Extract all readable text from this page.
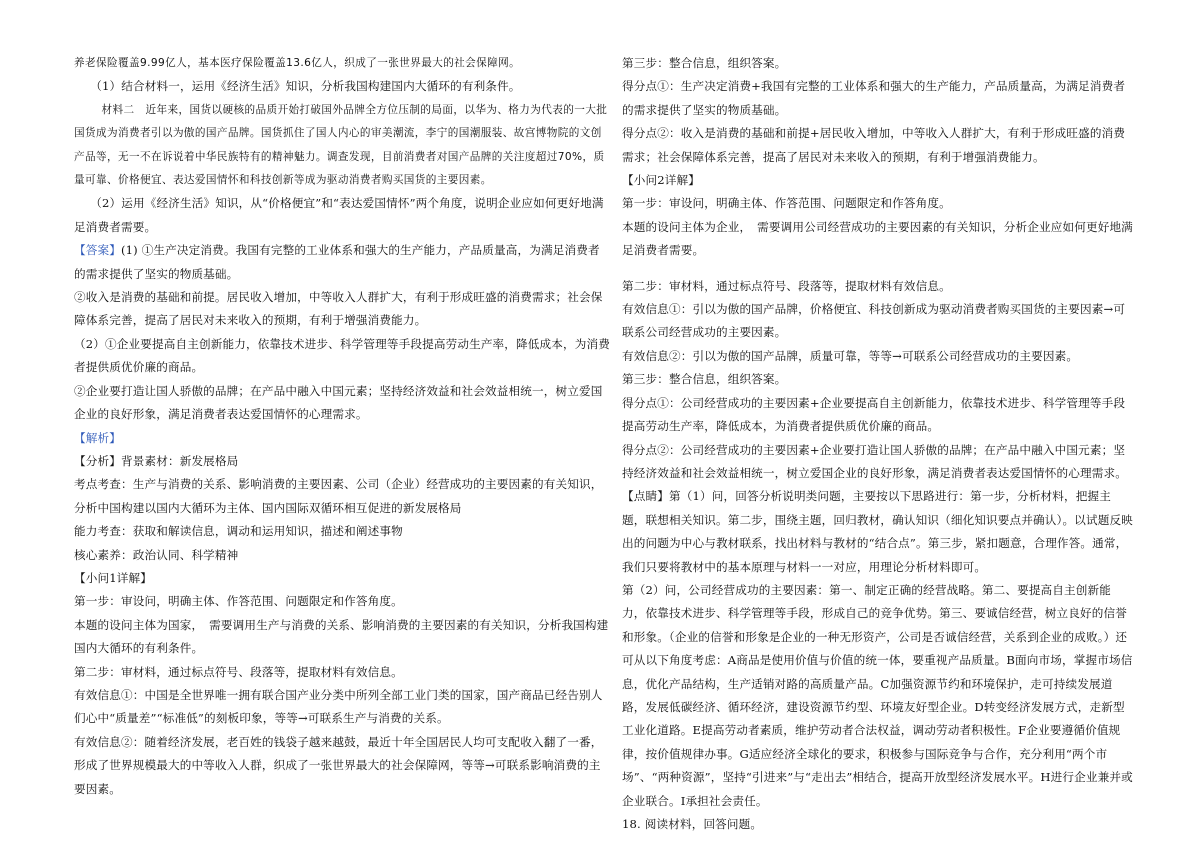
养老保险覆盖9.99亿人，基本医疗保险覆盖13.6亿人，织成了一张世界最大的社会保障网。

（1）结合材料一，运用《经济生活》知识，分析我国构建国内大循环的有利条件。

材料二　近年来，国货以硬核的品质开始打破国外品牌全方位压制的局面，以华为、格力为代表的一大批国货成为消费者引以为傲的国产品牌。国货抓住了国人内心的审美潮流，李宁的国潮服装、故宫博物院的文创产品等，无一不在诉说着中华民族特有的精神魅力。调查发现，目前消费者对国产品牌的关注度超过70%，质量可靠、价格便宜、表达爱国情怀和科技创新等成为驱动消费者购买国货的主要因素。

（2）运用《经济生活》知识，从“价格便宜”和“表达爱国情怀”两个角度，说明企业应如何更好地满足消费者需要。

【答案】(1) ①生产决定消费。我国有完整的工业体系和强大的生产能力，产品质量高，为满足消费者的需求提供了坚实的物质基础。

②收入是消费的基础和前提。居民收入增加，中等收入人群扩大，有利于形成旺盛的消费需求；社会保障体系完善，提高了居民对未来收入的预期，有利于增强消费能力。

（2）①企业要提高自主创新能力，依靠技术进步、科学管理等手段提高劳动生产率，降低成本，为消费者提供质优价廉的商品。

②企业要打造让国人骄傲的品牌；在产品中融入中国元素；坚持经济效益和社会效益相统一，树立爱国企业的良好形象，满足消费者表达爱国情怀的心理需求。

【解析】

【分析】背景素材：新发展格局

考点考查：生产与消费的关系、影响消费的主要因素、公司（企业）经营成功的主要因素的有关知识，分析中国构建以国内大循环为主体、国内国际双循环相互促进的新发展格局

能力考查：获取和解读信息，调动和运用知识，描述和阐述事物

核心素养：政治认同、科学精神

【小问1详解】

第一步：审设问，明确主体、作答范围、问题限定和作答角度。

本题的设问主体为国家，　需要调用生产与消费的关系、影响消费的主要因素的有关知识，分析我国构建国内大循环的有利条件。

第二步：审材料，通过标点符号、段落等，提取材料有效信息。

有效信息①：中国是全世界唯一拥有联合国产业分类中所列全部工业门类的国家，国产商品已经告别人们心中“质量差”“标准低”的刻板印象，等等→可联系生产与消费的关系。

有效信息②：随着经济发展，老百姓的钱袋子越来越鼓，最近十年全国居民人均可支配收入翻了一番，形成了世界规模最大的中等收入人群，织成了一张世界最大的社会保障网，等等→可联系影响消费的主要因素。

第三步：整合信息，组织答案。

得分点①：生产决定消费+我国有完整的工业体系和强大的生产能力，产品质量高，为满足消费者的需求提供了坚实的物质基础。

得分点②：收入是消费的基础和前提+居民收入增加，中等收入人群扩大，有利于形成旺盛的消费需求；社会保障体系完善，提高了居民对未来收入的预期，有利于增强消费能力。

【小问2详解】

第一步：审设问，明确主体、作答范围、问题限定和作答角度。

本题的设问主体为企业，　需要调用公司经营成功的主要因素的有关知识，分析企业应如何更好地满足消费者需要。

第二步：审材料，通过标点符号、段落等，提取材料有效信息。

有效信息①：引以为傲的国产品牌，价格便宜、科技创新成为驱动消费者购买国货的主要因素→可联系公司经营成功的主要因素。

有效信息②：引以为傲的国产品牌，质量可靠，等等→可联系公司经营成功的主要因素。

第三步：整合信息，组织答案。

得分点①：公司经营成功的主要因素+企业要提高自主创新能力，依靠技术进步、科学管理等手段提高劳动生产率，降低成本，为消费者提供质优价廉的商品。

得分点②：公司经营成功的主要因素+企业要打造让国人骄傲的品牌；在产品中融入中国元素；坚持经济效益和社会效益相统一，树立爱国企业的良好形象，满足消费者表达爱国情怀的心理需求。

【点睛】第（1）问，回答分析说明类问题，主要按以下思路进行：第一步，分析材料，把握主题，联想相关知识。第二步，围绕主题，回归教材，确认知识（细化知识要点并确认）。以试题反映出的问题为中心与教材联系，找出材料与教材的“结合点”。第三步，紧扣题意，合理作答。通常，我们只要将教材中的基本原理与材料一一对应，用理论分析材料即可。

第（2）问，公司经营成功的主要因素：第一、制定正确的经营战略。第二、要提高自主创新能力，依靠技术进步、科学管理等手段，形成自己的竞争优势。第三、要诚信经营，树立良好的信誉和形象。（企业的信誉和形象是企业的一种无形资产，公司是否诚信经营，关系到企业的成败。）还可从以下角度考虑：A商品是使用价值与价值的统一体，要重视产品质量。B面向市场，掌握市场信息，优化产品结构，生产适销对路的高质量产品。C加强资源节约和环境保护，走可持续发展道路，发展低碳经济、循环经济，建设资源节约型、环境友好型企业。D转变经济发展方式，走新型工业化道路。E提高劳动者素质，维护劳动者合法权益，调动劳动者积极性。F企业要遵循价值规律，按价值规律办事。G适应经济全球化的要求，积极参与国际竞争与合作，充分利用“两个市场”、“两种资源”，坚持“引进来”与“走出去”相结合，提高开放型经济发展水平。H进行企业兼并或企业联合。I承担社会责任。

18. 阅读材料，回答问题。
